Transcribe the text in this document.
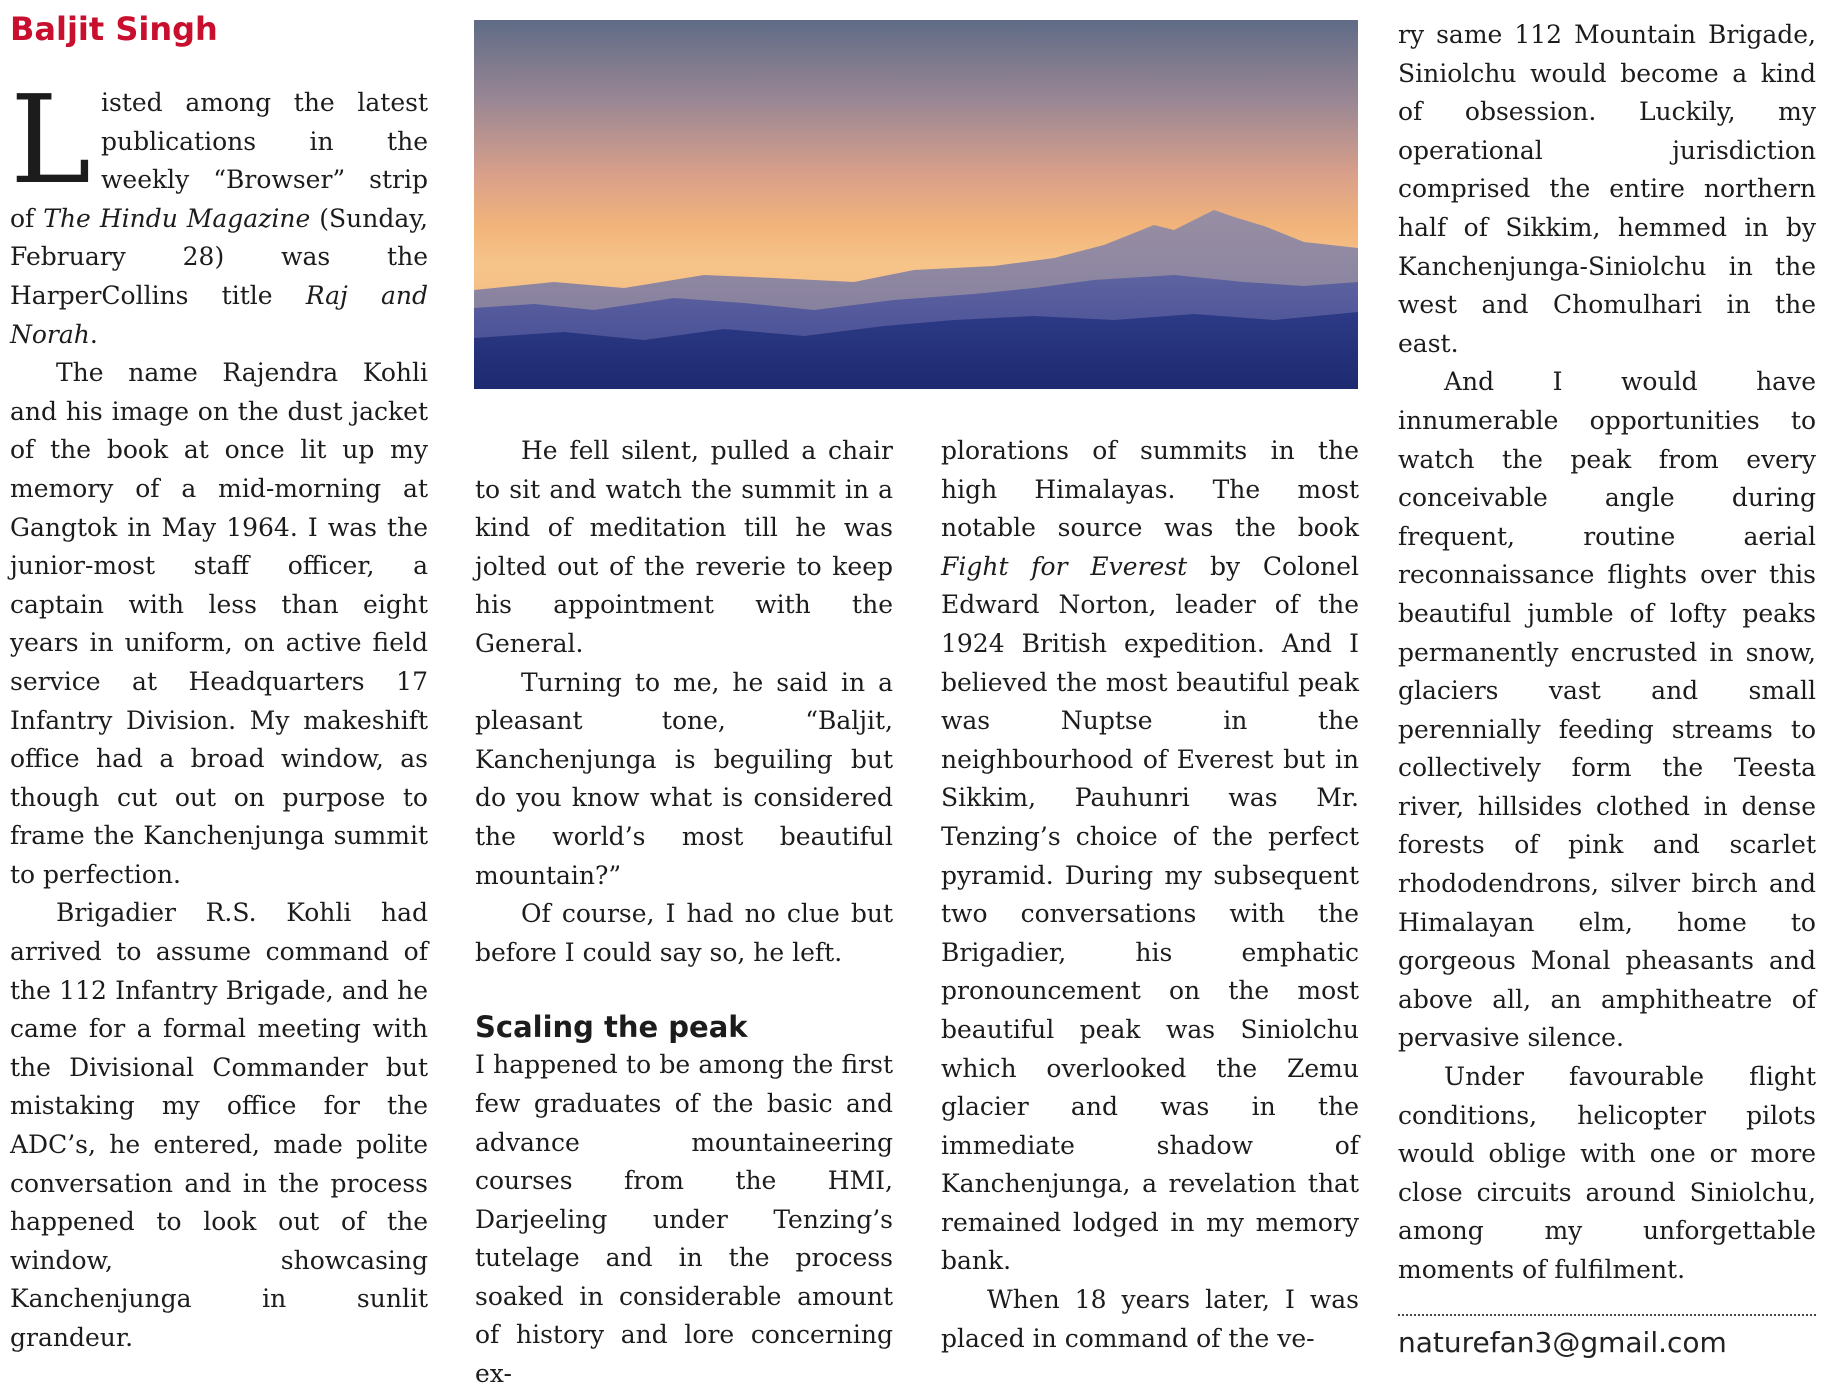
Baljit Singh

Listed among the latest publications in the weekly “Browser” strip of The Hindu Magazine (Sunday, February 28) was the HarperCollins title Raj and Norah.

The name Rajendra Kohli and his image on the dust jacket of the book at once lit up my memory of a mid-morning at Gangtok in May 1964. I was the junior-most staff officer, a captain with less than eight years in uniform, on active field service at Headquarters 17 Infantry Division. My makeshift office had a broad window, as though cut out on purpose to frame the Kanchenjunga summit to perfection.

Brigadier R.S. Kohli had arrived to assume command of the 112 Infantry Brigade, and he came for a formal meeting with the Divisional Commander but mistaking my office for the ADC’s, he entered, made polite conversation and in the process happened to look out of the window, showcasing Kanchenjunga in sunlit grandeur.

He fell silent, pulled a chair to sit and watch the summit in a kind of meditation till he was jolted out of the reverie to keep his appointment with the General.

Turning to me, he said in a pleasant tone, “Baljit, Kanchenjunga is beguiling but do you know what is considered the world’s most beautiful mountain?”

Of course, I had no clue but before I could say so, he left.

Scaling the peak

I happened to be among the first few graduates of the basic and advance mountaineering courses from the HMI, Darjeeling under Tenzing’s tutelage and in the process soaked in considerable amount of history and lore concerning ex-

plorations of summits in the high Himalayas. The most notable source was the book Fight for Everest by Colonel Edward Norton, leader of the 1924 British expedition. And I believed the most beautiful peak was Nuptse in the neighbourhood of Everest but in Sikkim, Pauhunri was Mr. Tenzing’s choice of the perfect pyramid. During my subsequent two conversations with the Brigadier, his emphatic pronouncement on the most beautiful peak was Siniolchu which overlooked the Zemu glacier and was in the immediate shadow of Kanchenjunga, a revelation that remained lodged in my memory bank.

When 18 years later, I was placed in command of the ve-

ry same 112 Mountain Brigade, Siniolchu would become a kind of obsession. Luckily, my operational jurisdiction comprised the entire northern half of Sikkim, hemmed in by Kanchenjunga-Siniolchu in the west and Chomulhari in the east.

And I would have innumerable opportunities to watch the peak from every conceivable angle during frequent, routine aerial reconnaissance flights over this beautiful jumble of lofty peaks permanently encrusted in snow, glaciers vast and small perennially feeding streams to collectively form the Teesta river, hillsides clothed in dense forests of pink and scarlet rhododendrons, silver birch and Himalayan elm, home to gorgeous Monal pheasants and above all, an amphitheatre of pervasive silence.

Under favourable flight conditions, helicopter pilots would oblige with one or more close circuits around Siniolchu, among my unforgettable moments of fulfilment.

naturefan3@gmail.com
